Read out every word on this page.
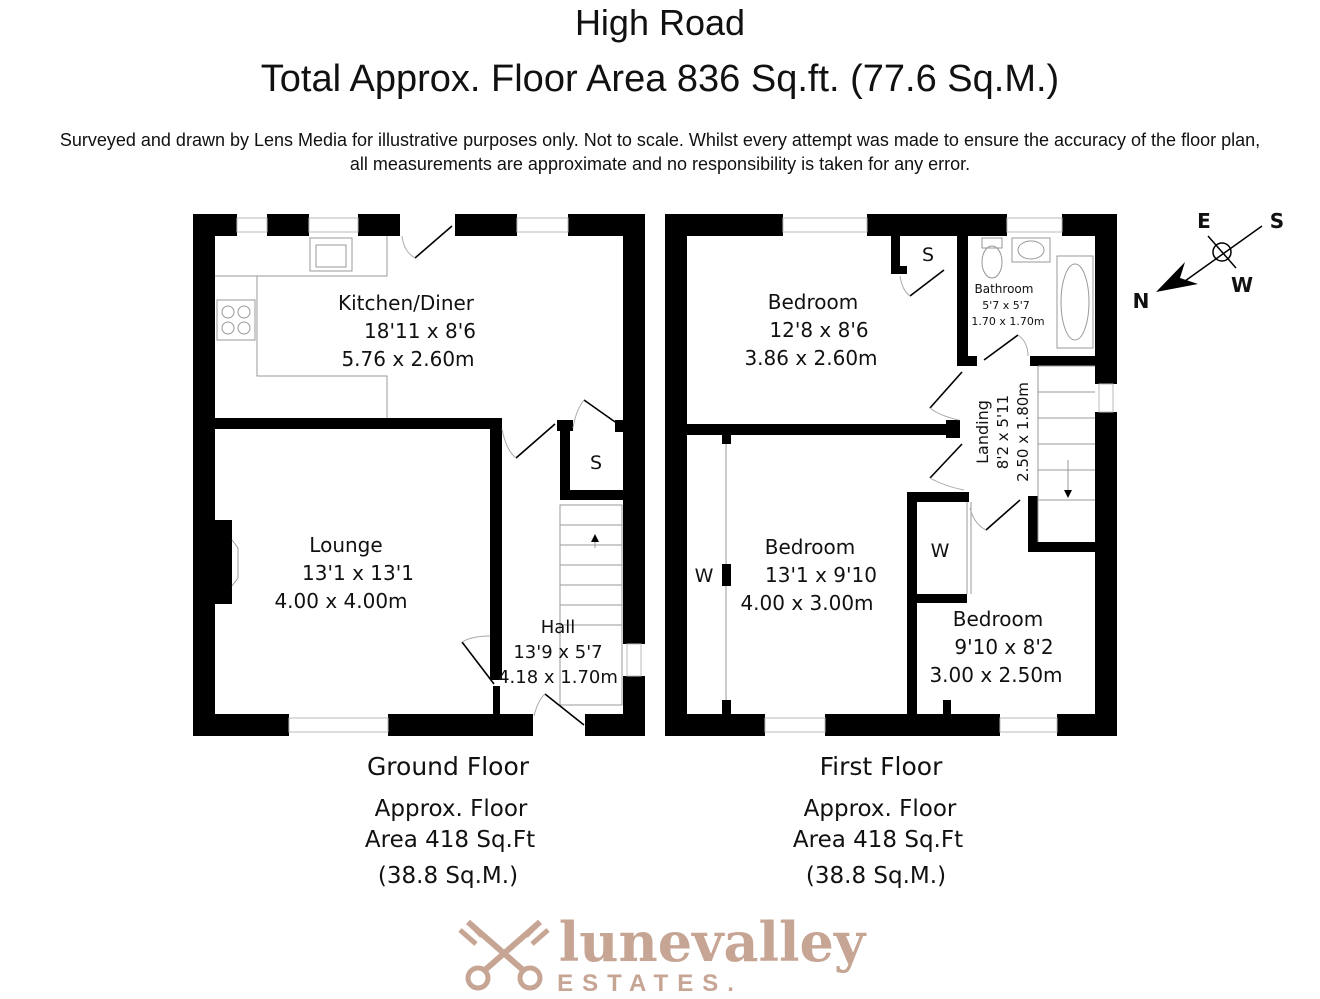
High Road
Total Approx. Floor Area 836 Sq.ft. (77.6 Sq.M.)
Surveyed and drawn by Lens Media for illustrative purposes only. Not to scale. Whilst every attempt was made to ensure the accuracy of the floor plan,
all measurements are approximate and no responsibility is taken for any error.
Kitchen/Diner
18'11 x 8'6
5.76 x 2.60m
Lounge
13'1 x 13'1
4.00 x 4.00m
Hall
13'9 x 5'7
4.18 x 1.70m
S
Ground Floor
Approx. Floor
Area 418 Sq.Ft
(38.8 Sq.M.)
Bedroom
12'8 x 8'6
3.86 x 2.60m
S
Bathroom
5'7 x 5'7
1.70 x 1.70m
Landing 8'2 x 5'11 2.50 x 1.80m
Bedroom
13'1 x 9'10
4.00 x 3.00m
W
W
Bedroom
9'10 x 8'2
3.00 x 2.50m
First Floor
Approx. Floor
Area 418 Sq.Ft
(38.8 Sq.M.)
N
E	S
W
lunevalley
ESTATES.
